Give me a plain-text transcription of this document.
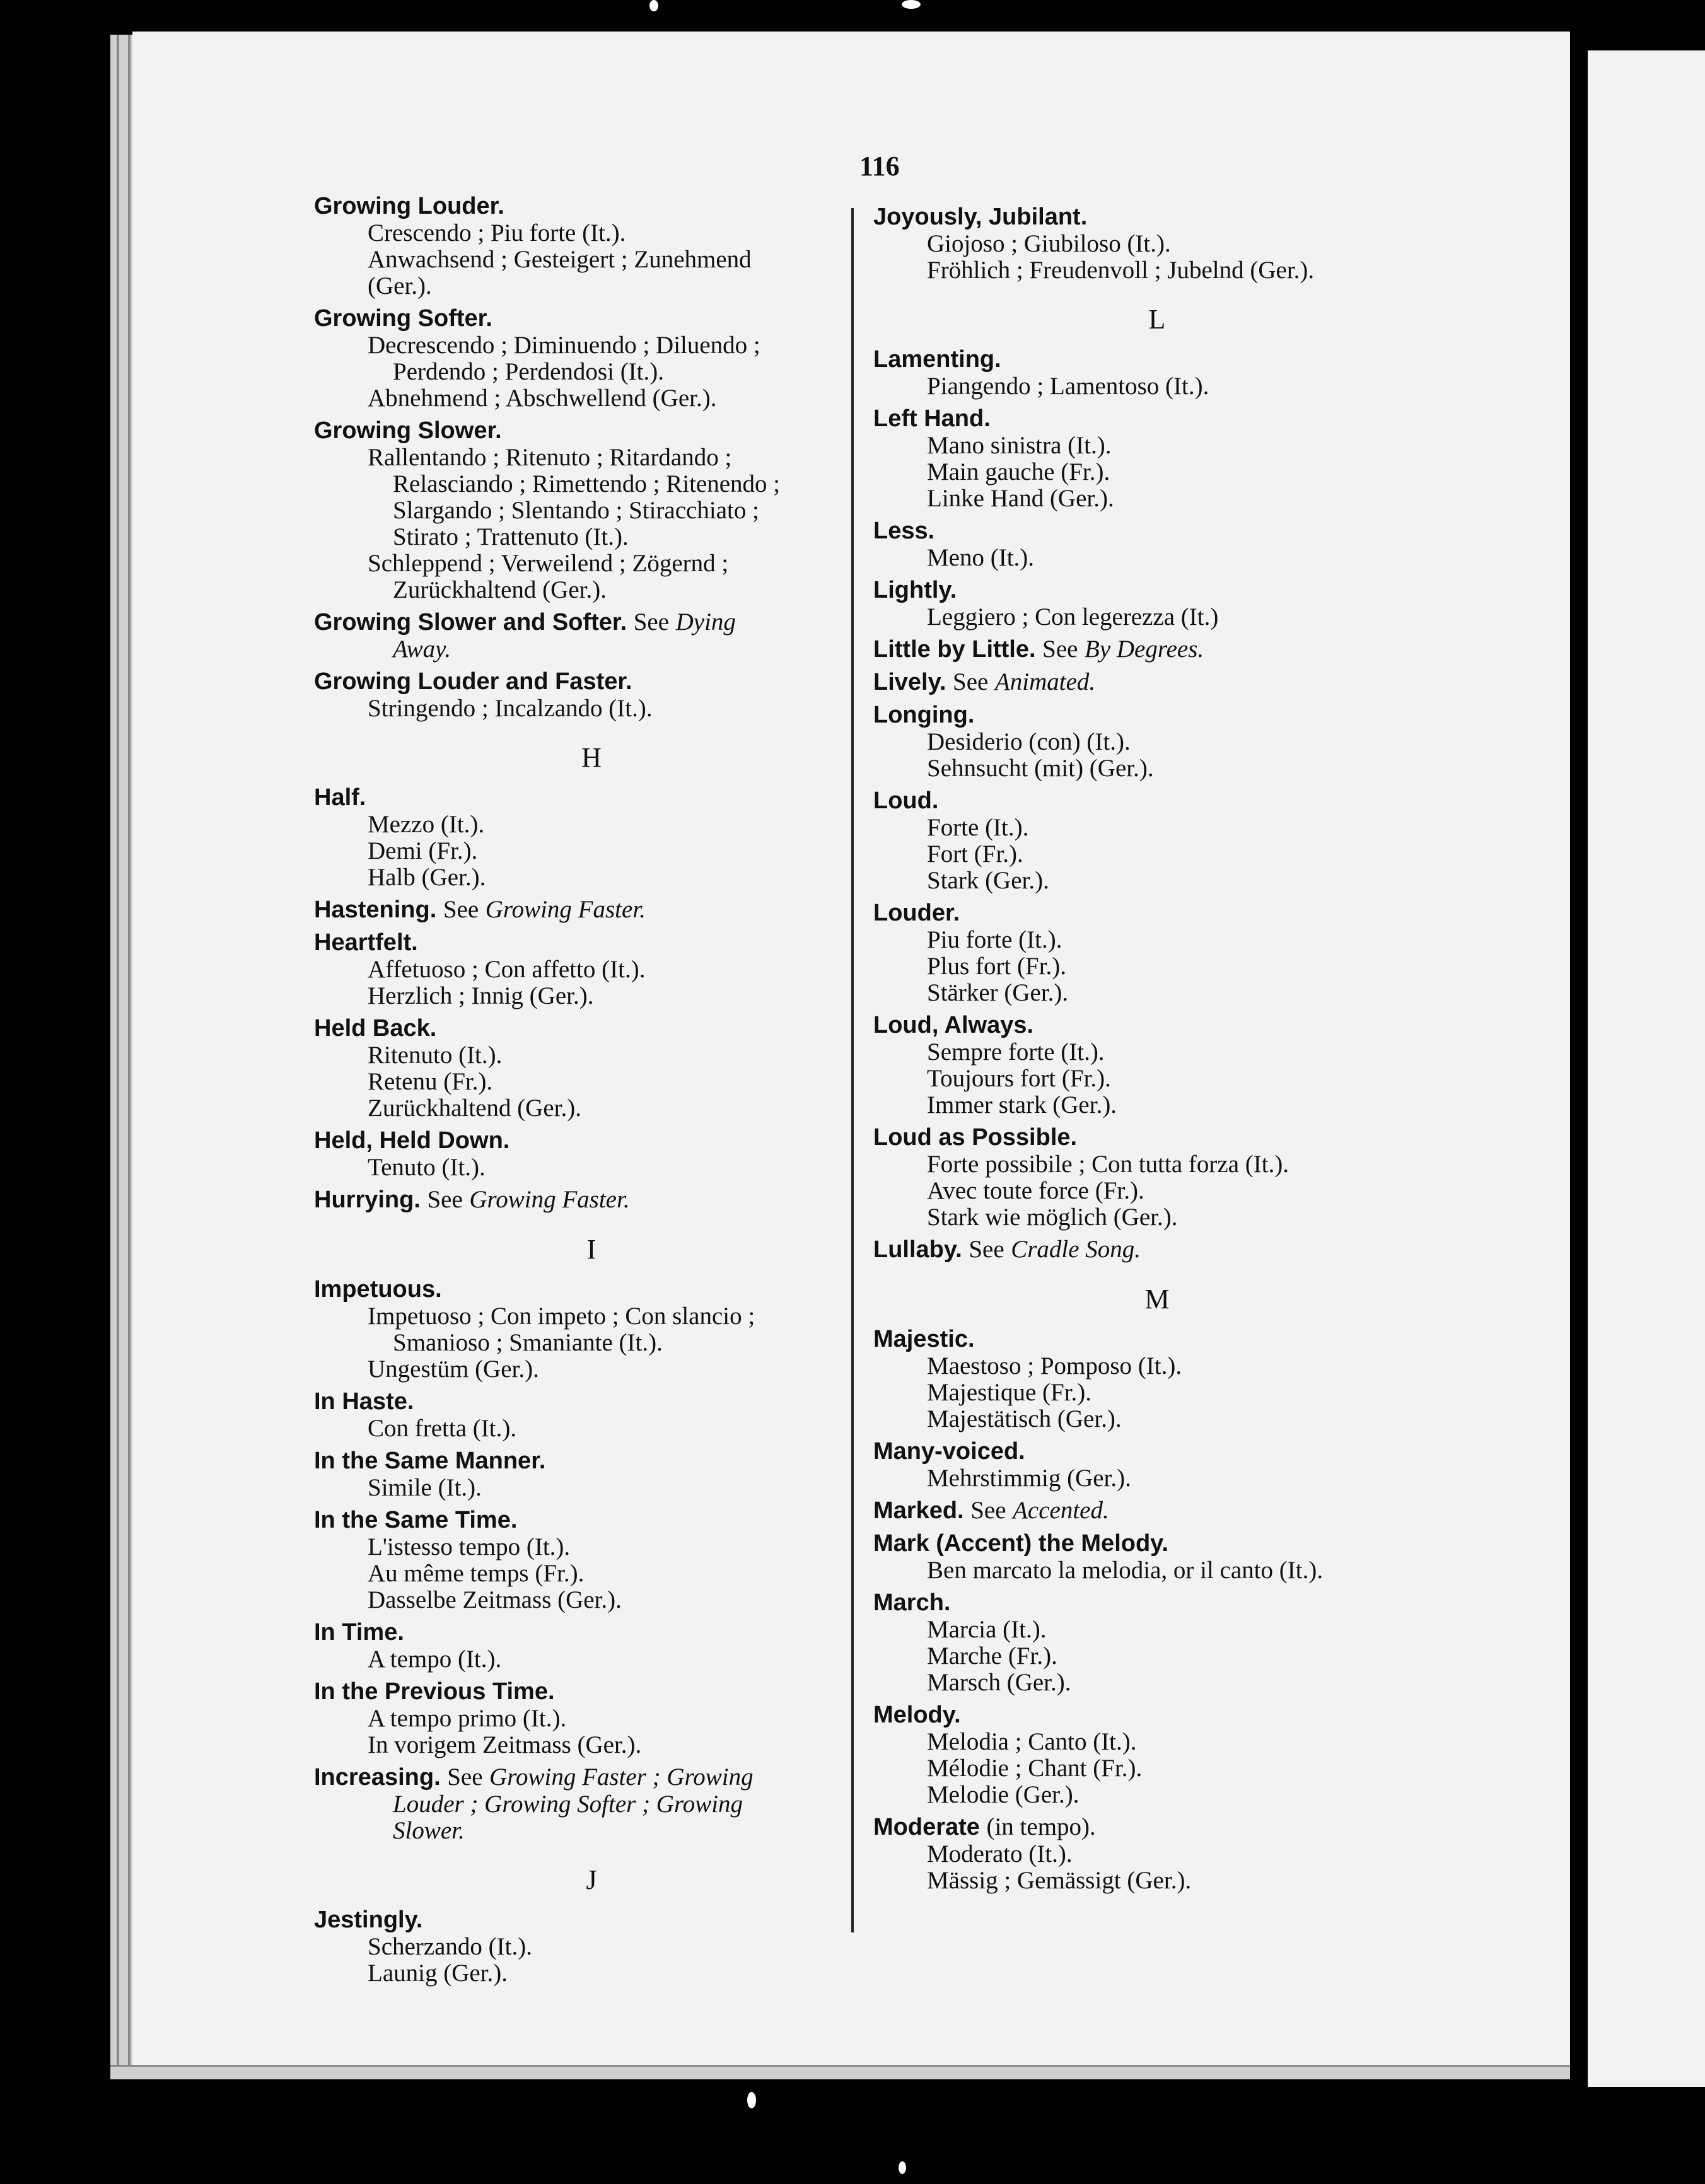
116
Growing Louder.
Crescendo ; Piu forte (It.).
Anwachsend ; Gesteigert ; Zunehmend
(Ger.).
Growing Softer.
Decrescendo ; Diminuendo ; Diluendo ;
Perdendo ; Perdendosi (It.).
Abnehmend ; Abschwellend (Ger.).
Growing Slower.
Rallentando ; Ritenuto ; Ritardando ;
Relasciando ; Rimettendo ; Ritenendo ;
Slargando ; Slentando ; Stiracchiato ;
Stirato ; Trattenuto (It.).
Schleppend ; Verweilend ; Zögernd ;
Zurückhaltend (Ger.).
Growing Slower and Softer. See Dying
Away.
Growing Louder and Faster.
Stringendo ; Incalzando (It.).
H
Half.
Mezzo (It.).
Demi (Fr.).
Halb (Ger.).
Hastening. See Growing Faster.
Heartfelt.
Affetuoso ; Con affetto (It.).
Herzlich ; Innig (Ger.).
Held Back.
Ritenuto (It.).
Retenu (Fr.).
Zurückhaltend (Ger.).
Held, Held Down.
Tenuto (It.).
Hurrying. See Growing Faster.
I
Impetuous.
Impetuoso ; Con impeto ; Con slancio ;
Smanioso ; Smaniante (It.).
Ungestüm (Ger.).
In Haste.
Con fretta (It.).
In the Same Manner.
Simile (It.).
In the Same Time.
L'istesso tempo (It.).
Au même temps (Fr.).
Dasselbe Zeitmass (Ger.).
In Time.
A tempo (It.).
In the Previous Time.
A tempo primo (It.).
In vorigem Zeitmass (Ger.).
Increasing. See Growing Faster ; Growing
Louder ; Growing Softer ; Growing
Slower.
J
Jestingly.
Scherzando (It.).
Launig (Ger.).
Joyously, Jubilant.
Giojoso ; Giubiloso (It.).
Fröhlich ; Freudenvoll ; Jubelnd (Ger.).
L
Lamenting.
Piangendo ; Lamentoso (It.).
Left Hand.
Mano sinistra (It.).
Main gauche (Fr.).
Linke Hand (Ger.).
Less.
Meno (It.).
Lightly.
Leggiero ; Con legerezza (It.)
Little by Little. See By Degrees.
Lively. See Animated.
Longing.
Desiderio (con) (It.).
Sehnsucht (mit) (Ger.).
Loud.
Forte (It.).
Fort (Fr.).
Stark (Ger.).
Louder.
Piu forte (It.).
Plus fort (Fr.).
Stärker (Ger.).
Loud, Always.
Sempre forte (It.).
Toujours fort (Fr.).
Immer stark (Ger.).
Loud as Possible.
Forte possibile ; Con tutta forza (It.).
Avec toute force (Fr.).
Stark wie möglich (Ger.).
Lullaby. See Cradle Song.
M
Majestic.
Maestoso ; Pomposo (It.).
Majestique (Fr.).
Majestätisch (Ger.).
Many-voiced.
Mehrstimmig (Ger.).
Marked. See Accented.
Mark (Accent) the Melody.
Ben marcato la melodia, or il canto (It.).
March.
Marcia (It.).
Marche (Fr.).
Marsch (Ger.).
Melody.
Melodia ; Canto (It.).
Mélodie ; Chant (Fr.).
Melodie (Ger.).
Moderate (in tempo).
Moderato (It.).
Mässig ; Gemässigt (Ger.).
